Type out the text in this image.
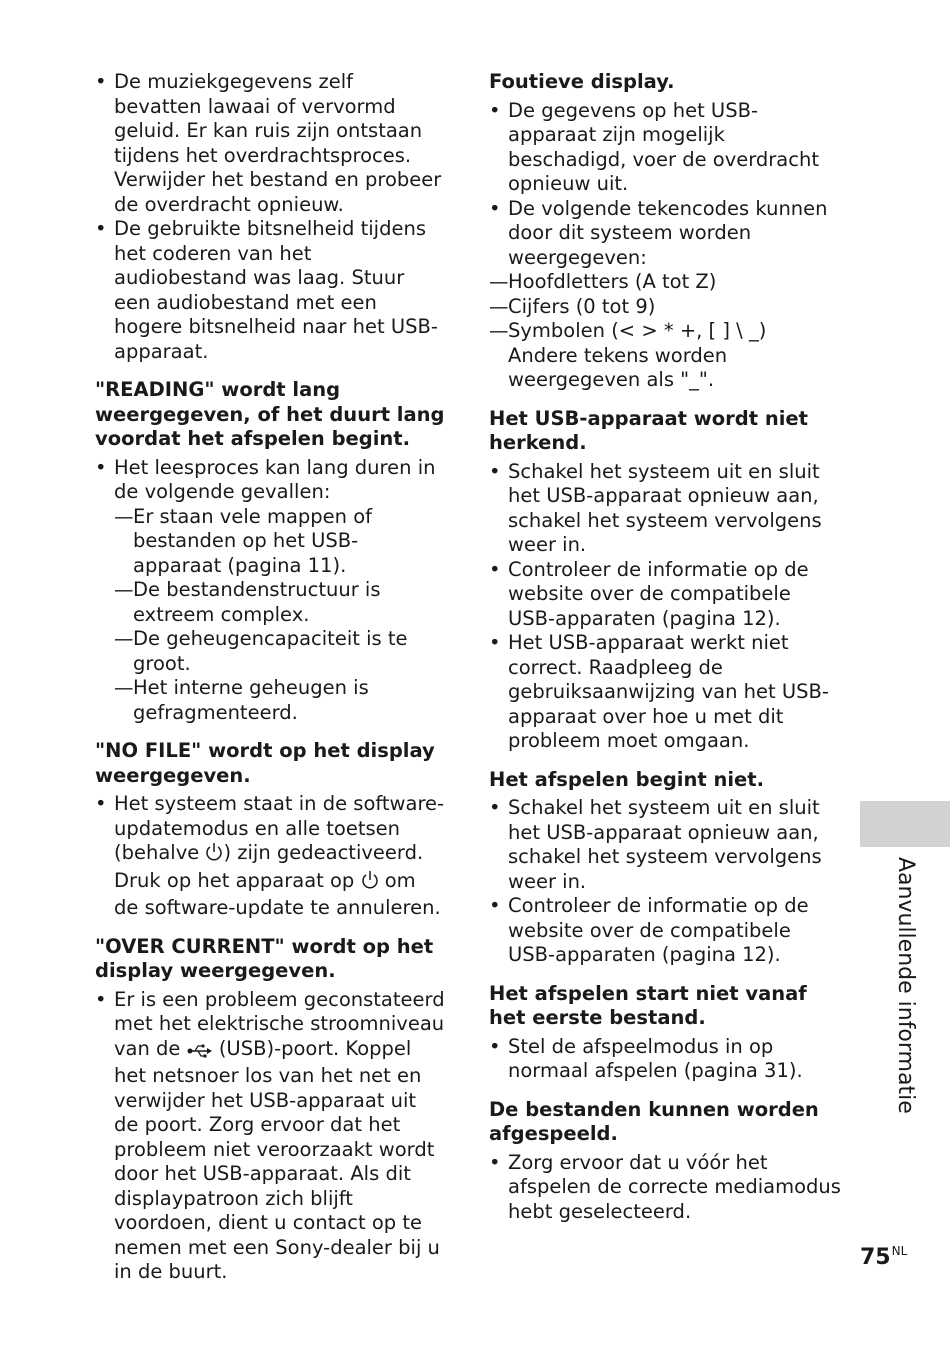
• De muziekgegevens zelf bevatten lawaai of vervormd geluid. Er kan ruis zijn ontstaan tijdens het overdrachtsproces. Verwijder het bestand en probeer de overdracht opnieuw.
• De gebruikte bitsnelheid tijdens het coderen van het audiobestand was laag. Stuur een audiobestand met een hogere bitsnelheid naar het USB-apparaat.
"READING" wordt lang weergegeven, of het duurt lang voordat het afspelen begint.
• Het leesproces kan lang duren in de volgende gevallen:
— Er staan vele mappen of bestanden op het USB-apparaat (pagina 11).
— De bestandenstructuur is extreem complex.
— De geheugencapaciteit is te groot.
— Het interne geheugen is gefragmenteerd.
"NO FILE" wordt op het display weergegeven.
• Het systeem staat in de software-updatemodus en alle toetsen (behalve ) zijn gedeactiveerd. Druk op het apparaat op  om de software-update te annuleren.
"OVER CURRENT" wordt op het display weergegeven.
• Er is een probleem geconstateerd met het elektrische stroomniveau van de  (USB)-poort. Koppel het netsnoer los van het net en verwijder het USB-apparaat uit de poort. Zorg ervoor dat het probleem niet veroorzaakt wordt door het USB-apparaat. Als dit displaypatroon zich blijft voordoen, dient u contact op te nemen met een Sony-dealer bij u in de buurt.
Foutieve display.
• De gegevens op het USB-apparaat zijn mogelijk beschadigd, voer de overdracht opnieuw uit.
• De volgende tekencodes kunnen door dit systeem worden weergegeven:
— Hoofdletters (A tot Z)
— Cijfers (0 tot 9)
— Symbolen (< > * +, [ ] \ _)
Andere tekens worden weergegeven als "_".
Het USB-apparaat wordt niet herkend.
• Schakel het systeem uit en sluit het USB-apparaat opnieuw aan, schakel het systeem vervolgens weer in.
• Controleer de informatie op de website over de compatibele USB-apparaten (pagina 12).
• Het USB-apparaat werkt niet correct. Raadpleeg de gebruiksaanwijzing van het USB-apparaat over hoe u met dit probleem moet omgaan.
Het afspelen begint niet.
• Schakel het systeem uit en sluit het USB-apparaat opnieuw aan, schakel het systeem vervolgens weer in.
• Controleer de informatie op de website over de compatibele USB-apparaten (pagina 12).
Het afspelen start niet vanaf het eerste bestand.
• Stel de afspeelmodus in op normaal afspelen (pagina 31).
De bestanden kunnen worden afgespeeld.
• Zorg ervoor dat u vóór het afspelen de correcte mediamodus hebt geselecteerd.
Aanvullende informatie
$75^{NL}$
